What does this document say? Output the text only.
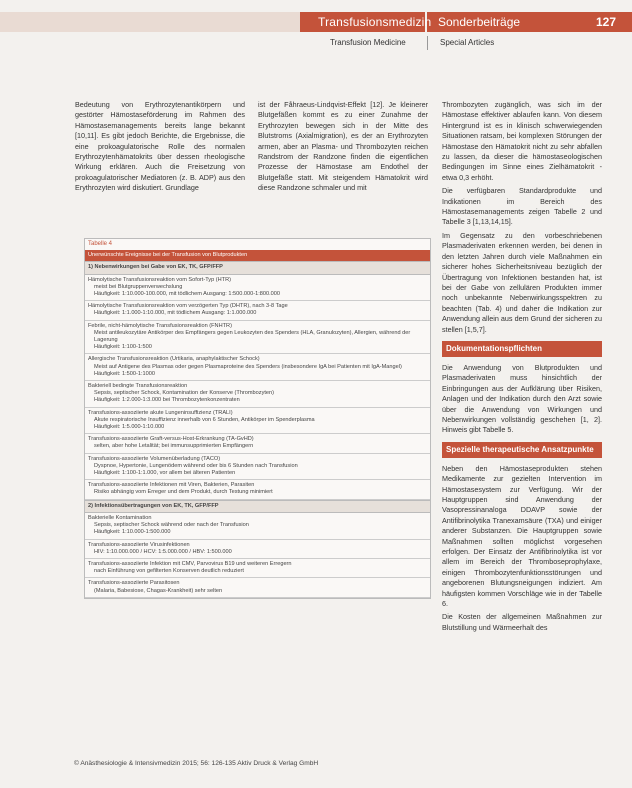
Transfusionsmedizin Sonderbeiträge	127
Transfusion Medicine	Special Articles

Bedeutung von Erythrozytenantikörpern und gestörter Hämostaseförderung im Rahmen des Hämostasemanagements bereits lange bekannt [10,11]. Es gibt jedoch Berichte, die Ergebnisse, die eine prokoagulatorische Rolle des normalen Erythrozytenhämatokrits über dessen rheologische Wirkung erklären. Auch die Freisetzung von prokoagulatorischer Mediatoren (z. B. ADP) aus den Erythrozyten wird diskutiert. Grundlage

ist der Fåhraeus-Lindqvist-Effekt [12]. Je kleinerer Blutgefäßen kommt es zu einer Zunahme der Erythrozyten bewegen sich in der Mitte des Blutstroms (Axialmigration), es der an Erythrozyten armen, aber an Plasma- und Thrombozyten reichen Randstrom der Randzone finden die eigentlichen Prozesse der Hämostase am Endothel der Blutgefäße statt. Mit steigendem Hämatokrit wird diese Randzone schmaler und mit

Thrombozyten zugänglich, was sich im der Hämostase effektiver ablaufen kann. Von diesem Hintergrund ist es in klinisch schwerwiegenden Situationen ratsam, bei komplexen Störungen der Hämostase den Hämatokrit nicht zu sehr abfallen zu lassen, da dieser die hämostaseologischen Bedingungen im Sinne eines Zielhämatokrit - etwa 0,3 erhöht.

Die verfügbaren Standardprodukte und Indikationen im Bereich des Hämostasemanagements zeigen Tabelle 2 und Tabelle 3 [1,13,14,15].

Im Gegensatz zu den vorbeschriebenen Plasmaderivaten erkennen werden, bei denen in den letzten Jahren durch viele Maßnahmen ein sicherer hohes Sicherheitsniveau bezüglich der Übertragung von Infektionen bestanden hat, ist bei der Gabe von zellulären Produkten immer noch unbekannte Nebenwirkungsspektren zu beachten (Tab. 4) und daher die Indikation zur Anwendung allein aus dem Grund der sicheren zu stellen [1,5,7].

Dokumentationspflichten

Die Anwendung von Blutprodukten und Plasmaderivaten muss hinsichtlich der Einbringungen aus der Aufklärung über Risiken, Anlagen und der Indikation durch den Arzt sowie über die Anwendung von Wirkungen und Nebenwirkungen vollständig geschehen [1, 2]. Hinweis gibt Tabelle 5.

Spezielle therapeutische Ansatzpunkte

Neben den Hämostaseprodukten stehen Medikamente zur gezielten Intervention im Hämostasesystem zur Verfügung. Wir der Hauptgruppen sind Anwendung der Vasopressinanaloga DDAVP sowie der Antifibrinolytika Tranexamsäure (TXA) und einiger anderer Substanzen. Die Hauptgruppen sowie Maßnahmen sollten möglichst vorgesehen erfolgen. Der Einsatz der Antifibrinolytika ist vor allem im Bereich der Thromboseprophylaxe, einigen Thrombozytenfunktionsstörungen und angeborenen Blutungsneigungen indiziert. Am häufigsten kommen Vorschläge wie in der Tabelle 6.

Die Kosten der allgemeinen Maßnahmen zur Blutstillung und Wärmeerhalt des

Tabelle 4
Unerwünschte Ereignisse bei der Transfusion von Blutprodukten
1) Nebenwirkungen bei Gabe von EK, TK, GFP/FFP
Hämolytische Transfusionsreaktion vom Sofort-Typ (HTR)
meist bei Blutgruppenverwechslung
Häufigkeit: 1:10.000-100.000, mit tödlichem Ausgang: 1:500.000-1:800.000
Hämolytische Transfusionsreaktion vom verzögerten Typ (DHTR), nach 3-8 Tage
Häufigkeit: 1:1.000-1:10.000, mit tödlichem Ausgang: 1:1.000.000
Febrile, nicht-hämolytische Transfusionsreaktion (FNHTR)
Meist antileukozytäre Antikörper des Empfängers gegen Leukozyten des Spenders (HLA, Granulozyten), Allergien, während der Lagerung
Häufigkeit: 1:100-1:500
Allergische Transfusionsreaktion (Urtikaria, anaphylaktischer Schock)
Meist auf Antigene des Plasmas oder gegen Plasmaproteine des Spenders (insbesondere IgA bei Patienten mit IgA-Mangel)
Häufigkeit: 1:500-1:1000
Bakteriell bedingte Transfusionsreaktion
Sepsis, septischer Schock, Kontamination der Konserve (Thrombozyten)
Häufigkeit: 1:2.000-1:3.000 bei Thrombozytenkonzentraten
Transfusions-assoziierte akute Lungeninsuffizienz (TRALI)
Akute respiratorische Insuffizienz innerhalb von 6 Stunden, Antikörper im Spenderplasma
Häufigkeit: 1:5.000-1:10.000
Transfusions-assoziierte Graft-versus-Host-Erkrankung (TA-GvHD)
selten, aber hohe Letalität; bei immunsupprimierten Empfängern
Transfusions-assoziierte Volumenüberladung (TACO)
Dyspnoe, Hypertonie, Lungenödem während oder bis 6 Stunden nach Transfusion
Häufigkeit: 1:100-1:1.000, vor allem bei älteren Patienten
Transfusions-assoziierte Infektionen mit Viren, Bakterien, Parasiten
Risiko abhängig vom Erreger und dem Produkt, durch Testung minimiert
2) Infektionsübertragungen von EK, TK, GFP/FFP
Bakterielle Kontamination
Sepsis, septischer Schock während oder nach der Transfusion
Häufigkeit: 1:10.000-1:500.000
Transfusions-assoziierte Virusinfektionen
HIV: 1:10.000.000 / HCV: 1:5.000.000 / HBV: 1:500.000
Transfusions-assoziierte Infektion mit CMV, Parvovirus B19 und weiteren Erregern
nach Einführung von gefilterten Konserven deutlich reduziert
Transfusions-assoziierte Parasitosen
(Malaria, Babesiose, Chagas-Krankheit) sehr selten
© Anästhesiologie & Intensivmedizin 2015; 56: 126-135 Aktiv Druck & Verlag GmbH
